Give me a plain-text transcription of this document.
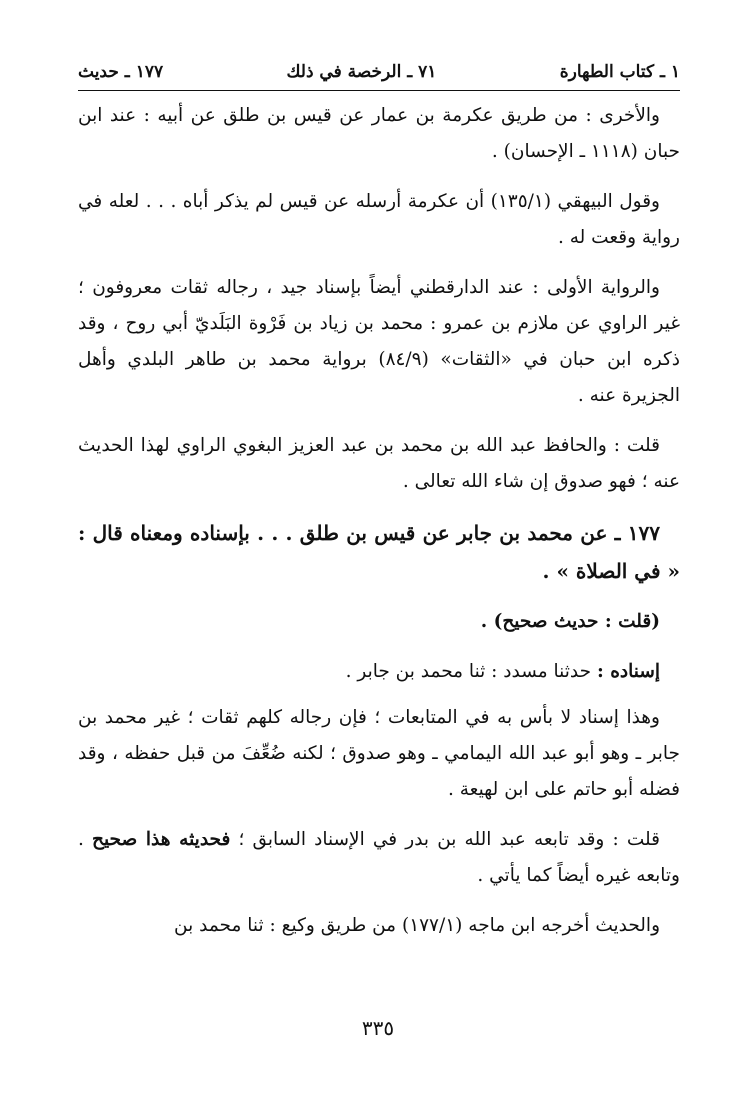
١ ـ كتاب الطهارة
٧١ ـ الرخصة في ذلك
١٧٧ ـ حديث

والأخرى : من طريق عكرمة بن عمار عن قيس بن طلق عن أبيه : عند ابن حبان (١١١٨ ـ الإحسان) .

وقول البيهقي (١٣٥/١) أن عكرمة أرسله عن قيس لم يذكر أباه . . . لعله في رواية وقعت له .

والرواية الأولى : عند الدارقطني أيضاً بإسناد جيد ، رجاله ثقات معروفون ؛ غير الراوي عن ملازم بن عمرو : محمد بن زياد بن فَرْوة البَلَديّ أبي روح ، وقد ذكره ابن حبان في «الثقات» (٨٤/٩) برواية محمد بن طاهر البلدي وأهل الجزيرة عنه .

قلت : والحافظ عبد الله بن محمد بن عبد العزيز البغوي الراوي لهذا الحديث عنه ؛ فهو صدوق إن شاء الله تعالى .

١٧٧ ـ عن محمد بن جابر عن قيس بن طلق . . . بإسناده ومعناه قال : « في الصلاة » .

(قلت : حديث صحيح) .

إسناده : حدثنا مسدد : ثنا محمد بن جابر .

وهذا إسناد لا بأس به في المتابعات ؛ فإن رجاله كلهم ثقات ؛ غير محمد بن جابر ـ وهو أبو عبد الله اليمامي ـ وهو صدوق ؛ لكنه ضُعِّفَ من قبل حفظه ، وقد فضله أبو حاتم على ابن لهيعة .

قلت : وقد تابعه عبد الله بن بدر في الإسناد السابق ؛ فحديثه هذا صحيح . وتابعه غيره أيضاً كما يأتي .

والحديث أخرجه ابن ماجه (١٧٧/١) من طريق وكيع : ثنا محمد بن

٣٣٥
